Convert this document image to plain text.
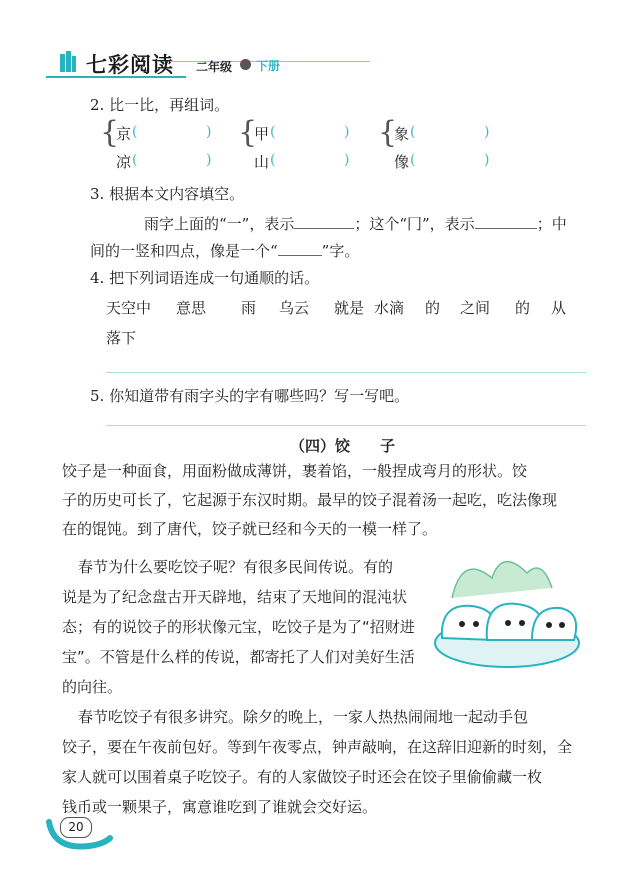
七彩阅读 二年级 下册
2. 比一比，再组词。
{
京 (	)
凉 (	)
{
甲 (	)
山 (	)
{
象 (	)
像 (	)
3. 根据本文内容填空。
雨字上面的“一”，表示	；这个“冂”，表示	；中
间的一竖和四点，像是一个“	”字。
4. 把下列词语连成一句通顺的话。
天空中 意思 雨 乌云 就是 水滴 的 之间 的 从
落下
5. 你知道带有雨字头的字有哪些吗？写一写吧。
（四）饺　　子
饺子是一种面食，用面粉做成薄饼，裹着馅，一般捏成弯月的形状。饺
子的历史可长了，它起源于东汉时期。最早的饺子混着汤一起吃，吃法像现
在的馄饨。到了唐代，饺子就已经和今天的一模一样了。
春节为什么要吃饺子呢？有很多民间传说。有的
说是为了纪念盘古开天辟地，结束了天地间的混沌状
态；有的说饺子的形状像元宝，吃饺子是为了“招财进
宝”。不管是什么样的传说，都寄托了人们对美好生活
的向往。
春节吃饺子有很多讲究。除夕的晚上，一家人热热闹闹地一起动手包
饺子，要在午夜前包好。等到午夜零点，钟声敲响，在这辞旧迎新的时刻，全
家人就可以围着桌子吃饺子。有的人家做饺子时还会在饺子里偷偷藏一枚
钱币或一颗果子，寓意谁吃到了谁就会交好运。
20
